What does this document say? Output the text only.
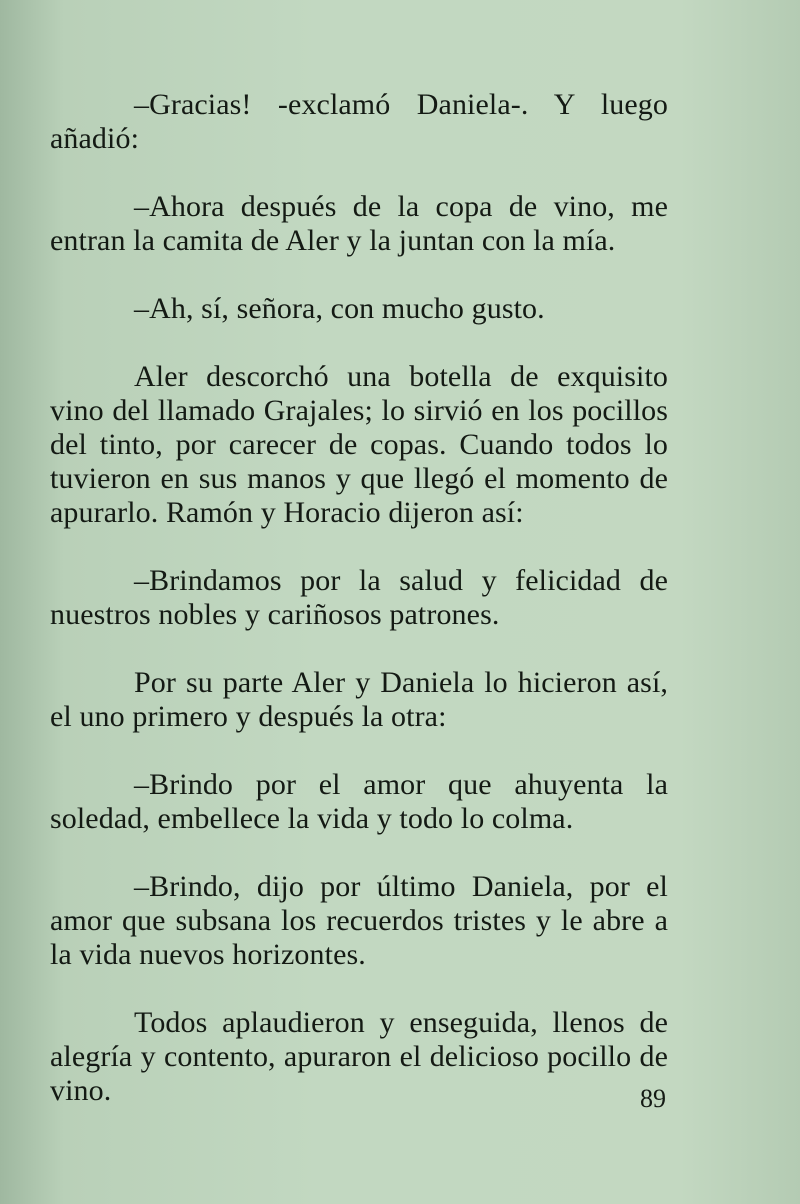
–Gracias! -exclamó Daniela-. Y luego añadió:

–Ahora después de la copa de vino, me entran la camita de Aler y la juntan con la mía.

–Ah, sí, señora, con mucho gusto.

Aler descorchó una botella de exquisito vino del llamado Grajales; lo sirvió en los pocillos del tinto, por carecer de copas. Cuando todos lo tuvieron en sus manos y que llegó el momento de apurarlo. Ramón y Horacio dijeron así:

–Brindamos por la salud y felicidad de nuestros nobles y cariñosos patrones.

Por su parte Aler y Daniela lo hicieron así, el uno primero y después la otra:

–Brindo por el amor que ahuyenta la soledad, embellece la vida y todo lo colma.

–Brindo, dijo por último Daniela, por el amor que subsana los recuerdos tristes y le abre a la vida nuevos horizontes.

Todos aplaudieron y enseguida, llenos de alegría y contento, apuraron el delicioso pocillo de vino.	89
